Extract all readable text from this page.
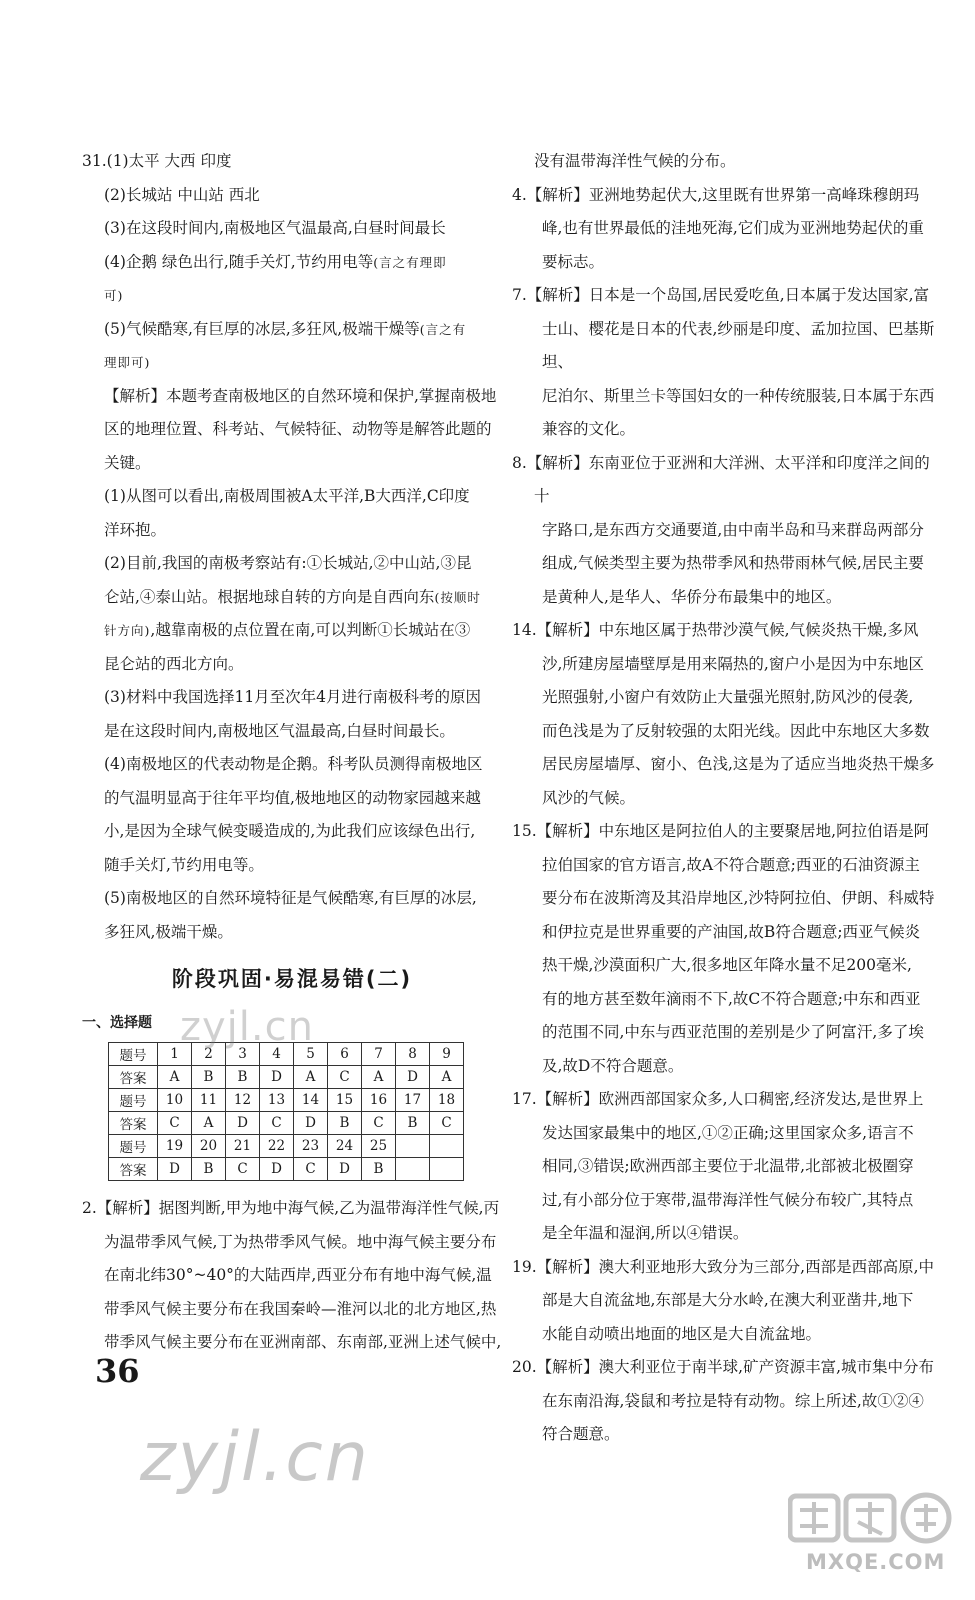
31.(1)太平 大西 印度

(2)长城站 中山站 西北

(3)在这段时间内,南极地区气温最高,白昼时间最长

(4)企鹅 绿色出行,随手关灯,节约用电等(言之有理即

可)

(5)气候酷寒,有巨厚的冰层,多狂风,极端干燥等(言之有

理即可)

【解析】本题考查南极地区的自然环境和保护,掌握南极地

区的地理位置、科考站、气候特征、动物等是解答此题的

关键。

(1)从图可以看出,南极周围被A太平洋,B大西洋,C印度

洋环抱。

(2)目前,我国的南极考察站有:①长城站,②中山站,③昆

仑站,④泰山站。根据地球自转的方向是自西向东(按顺时

针方向),越靠南极的点位置在南,可以判断①长城站在③

昆仑站的西北方向。

(3)材料中我国选择11月至次年4月进行南极科考的原因

是在这段时间内,南极地区气温最高,白昼时间最长。

(4)南极地区的代表动物是企鹅。科考队员测得南极地区

的气温明显高于往年平均值,极地地区的动物家园越来越

小,是因为全球气候变暖造成的,为此我们应该绿色出行,

随手关灯,节约用电等。

(5)南极地区的自然环境特征是气候酷寒,有巨厚的冰层,

多狂风,极端干燥。

阶段巩固·易混易错(二)
一、选择题
题号	1	2	3	4	5	6	7	8	9
答案	A	B	B	D	A	C	A	D	A
题号	10	11	12	13	14	15	16	17	18
答案	C	A	D	C	D	B	C	B	C
题号	19	20	21	22	23	24	25		
答案	D	B	C	D	C	D	B		

2.【解析】据图判断,甲为地中海气候,乙为温带海洋性气候,丙

为温带季风气候,丁为热带季风气候。地中海气候主要分布

在南北纬30°~40°的大陆西岸,西亚分布有地中海气候,温

带季风气候主要分布在我国秦岭—淮河以北的北方地区,热

带季风气候主要分布在亚洲南部、东南部,亚洲上述气候中,

没有温带海洋性气候的分布。

4.【解析】亚洲地势起伏大,这里既有世界第一高峰珠穆朗玛

峰,也有世界最低的洼地死海,它们成为亚洲地势起伏的重

要标志。

7.【解析】日本是一个岛国,居民爱吃鱼,日本属于发达国家,富

士山、樱花是日本的代表,纱丽是印度、孟加拉国、巴基斯坦、

尼泊尔、斯里兰卡等国妇女的一种传统服装,日本属于东西

兼容的文化。

8.【解析】东南亚位于亚洲和大洋洲、太平洋和印度洋之间的十

字路口,是东西方交通要道,由中南半岛和马来群岛两部分

组成,气候类型主要为热带季风和热带雨林气候,居民主要

是黄种人,是华人、华侨分布最集中的地区。

14.【解析】中东地区属于热带沙漠气候,气候炎热干燥,多风

沙,所建房屋墙壁厚是用来隔热的,窗户小是因为中东地区

光照强射,小窗户有效防止大量强光照射,防风沙的侵袭,

而色浅是为了反射较强的太阳光线。因此中东地区大多数

居民房屋墙厚、窗小、色浅,这是为了适应当地炎热干燥多

风沙的气候。

15.【解析】中东地区是阿拉伯人的主要聚居地,阿拉伯语是阿

拉伯国家的官方语言,故A不符合题意;西亚的石油资源主

要分布在波斯湾及其沿岸地区,沙特阿拉伯、伊朗、科威特

和伊拉克是世界重要的产油国,故B符合题意;西亚气候炎

热干燥,沙漠面积广大,很多地区年降水量不足200毫米,

有的地方甚至数年滴雨不下,故C不符合题意;中东和西亚

的范围不同,中东与西亚范围的差别是少了阿富汗,多了埃

及,故D不符合题意。

17.【解析】欧洲西部国家众多,人口稠密,经济发达,是世界上

发达国家最集中的地区,①②正确;这里国家众多,语言不

相同,③错误;欧洲西部主要位于北温带,北部被北极圈穿

过,有小部分位于寒带,温带海洋性气候分布较广,其特点

是全年温和湿润,所以④错误。

19.【解析】澳大利亚地形大致分为三部分,西部是西部高原,中

部是大自流盆地,东部是大分水岭,在澳大利亚凿井,地下

水能自动喷出地面的地区是大自流盆地。

20.【解析】澳大利亚位于南半球,矿产资源丰富,城市集中分布

在东南沿海,袋鼠和考拉是特有动物。综上所述,故①②④

符合题意。

36
zyjl.cn
zyjl.cn
MXQE.COM
